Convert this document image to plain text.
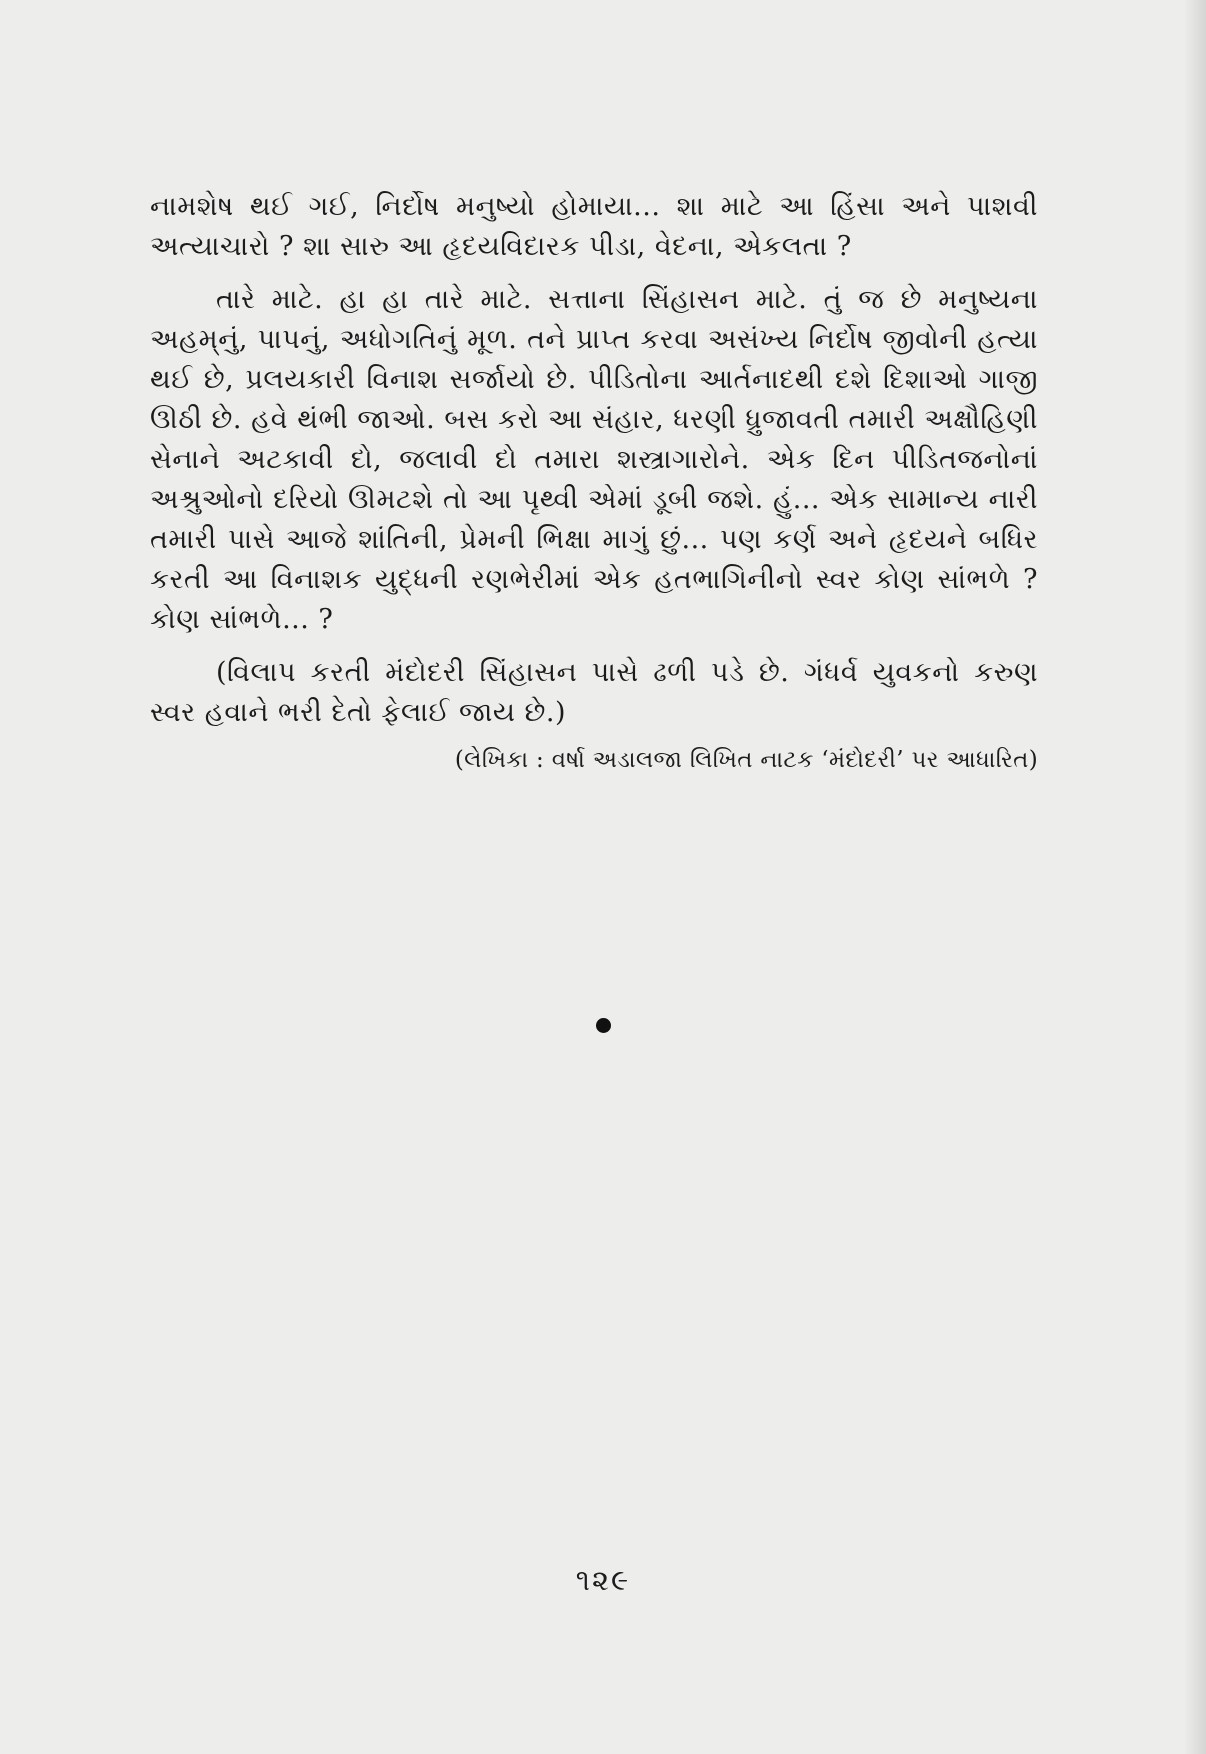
નામશેષ થઈ ગઈ, નિર્દોષ મનુષ્યો હોમાયા... શા માટે આ હિંસા અને પાશવી અત્યાચારો ? શા સારુ આ હૃદયવિદારક પીડા, વેદના, એકલતા ?

તારે માટે. હા હા તારે માટે. સત્તાના સિંહાસન માટે. તું જ છે મનુષ્યના અહમ્‌નું, પાપનું, અધોગતિનું મૂળ. તને પ્રાપ્ત કરવા અસંખ્ય નિર્દોષ જીવોની હત્યા થઈ છે, પ્રલયકારી વિનાશ સર્જાયો છે. પીડિતોના આર્તનાદથી દશે દિશાઓ ગાજી ઊઠી છે. હવે થંભી જાઓ. બસ કરો આ સંહાર, ધરણી ધ્રુજાવતી તમારી અક્ષૌહિણી સેનાને અટકાવી દો, જલાવી દો તમારા શસ્ત્રાગારોને. એક દિન પીડિતજનોનાં અશ્રુઓનો દરિયો ઊમટશે તો આ પૃથ્વી એમાં ડૂબી જશે. હું... એક સામાન્ય નારી તમારી પાસે આજે શાંતિની, પ્રેમની ભિક્ષા માગું છું... પણ કર્ણ અને હૃદયને બધિર કરતી આ વિનાશક યુદ્ધની રણભેરીમાં એક હતભાગિનીનો સ્વર કોણ સાંભળે ? કોણ સાંભળે... ?

(વિલાપ કરતી મંદોદરી સિંહાસન પાસે ઢળી પડે છે. ગંધર્વ યુવકનો કરુણ સ્વર હવાને ભરી દેતો ફેલાઈ જાય છે.)

(લેખિકા : વર્ષા અડાલજા લિખિત નાટક ‘મંદોદરી’ પર આધારિત)

૧૨૯
